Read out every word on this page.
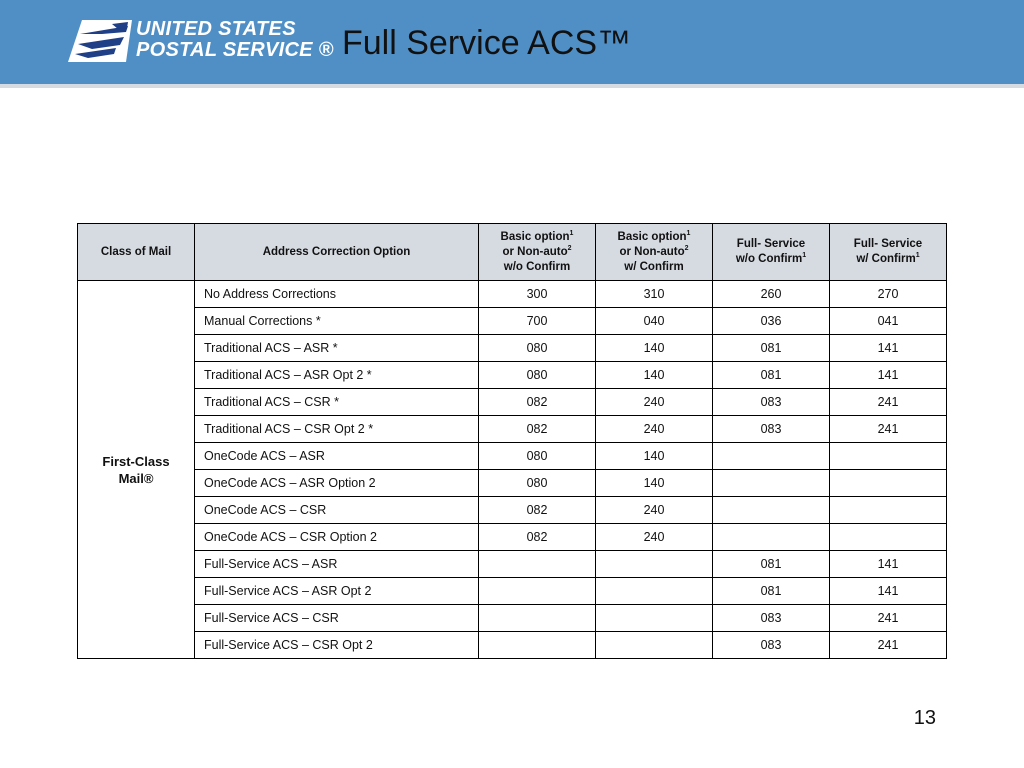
UNITED STATES
POSTAL SERVICE ® Full Service ACS™
Class of Mail	Address Correction Option	Basic option$^1$
or Non-auto$^2$
w/o Confirm	Basic option$^1$
or Non-auto$^2$
w/ Confirm	Full- Service
w/o Confirm$^1$	Full- Service
w/ Confirm$^1$

First-Class
Mail®	No Address Corrections	300	310	260	270
	Manual Corrections *	700	040	036	041
	Traditional ACS – ASR *	080	140	081	141
	Traditional ACS – ASR Opt 2 *	080	140	081	141
	Traditional ACS – CSR *	082	240	083	241
	Traditional ACS – CSR Opt 2 *	082	240	083	241
	OneCode ACS – ASR	080	140		
	OneCode ACS – ASR Option 2	080	140		
	OneCode ACS – CSR	082	240		
	OneCode ACS – CSR Option 2	082	240		
	Full-Service ACS – ASR			081	141
	Full-Service ACS – ASR Opt 2			081	141
	Full-Service ACS – CSR			083	241
	Full-Service ACS – CSR Opt 2			083	241
13
